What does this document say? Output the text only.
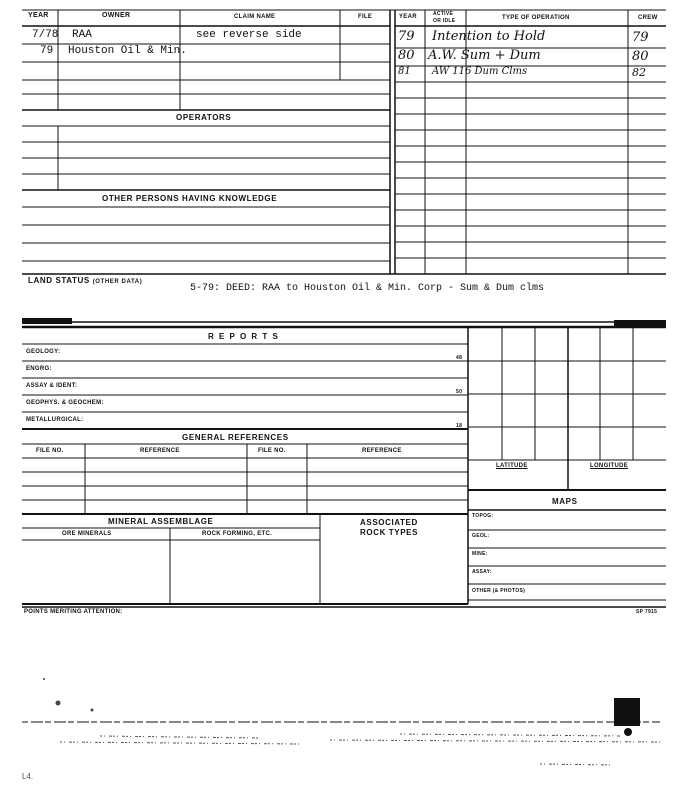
YEAR	OWNER	CLAIM NAME	FILE	YEAR	ACTIVE
OR IDLE	TYPE OF OPERATION	CREW
7/78 RAA	see reverse side
79 Houston Oil & Min.
79 Intention to Hold	79
80 A.W. Sum + Dum	80
81 AW 116 Dum Clms	82
OPERATORS
OTHER PERSONS HAVING KNOWLEDGE
LAND STATUS (OTHER DATA)
5-79: DEED: RAA to Houston Oil & Min. Corp - Sum & Dum clms
R E P O R T S
GEOLOGY:
48
ENGRG:
ASSAY & IDENT:
50
GEOPHYS. & GEOCHEM:
METALLURGICAL:
18
GENERAL REFERENCES
FILE NO.	REFERENCE	FILE NO.	REFERENCE
MINERAL ASSEMBLAGE
ORE MINERALS	ROCK FORMING, ETC.
ASSOCIATED
ROCK TYPES
LATITUDE	LONGITUDE
MAPS
TOPOG:
GEOL:
MINE:
ASSAY:
OTHER (& PHOTOS)
POINTS MERITING ATTENTION:	SP 7915
L4.
